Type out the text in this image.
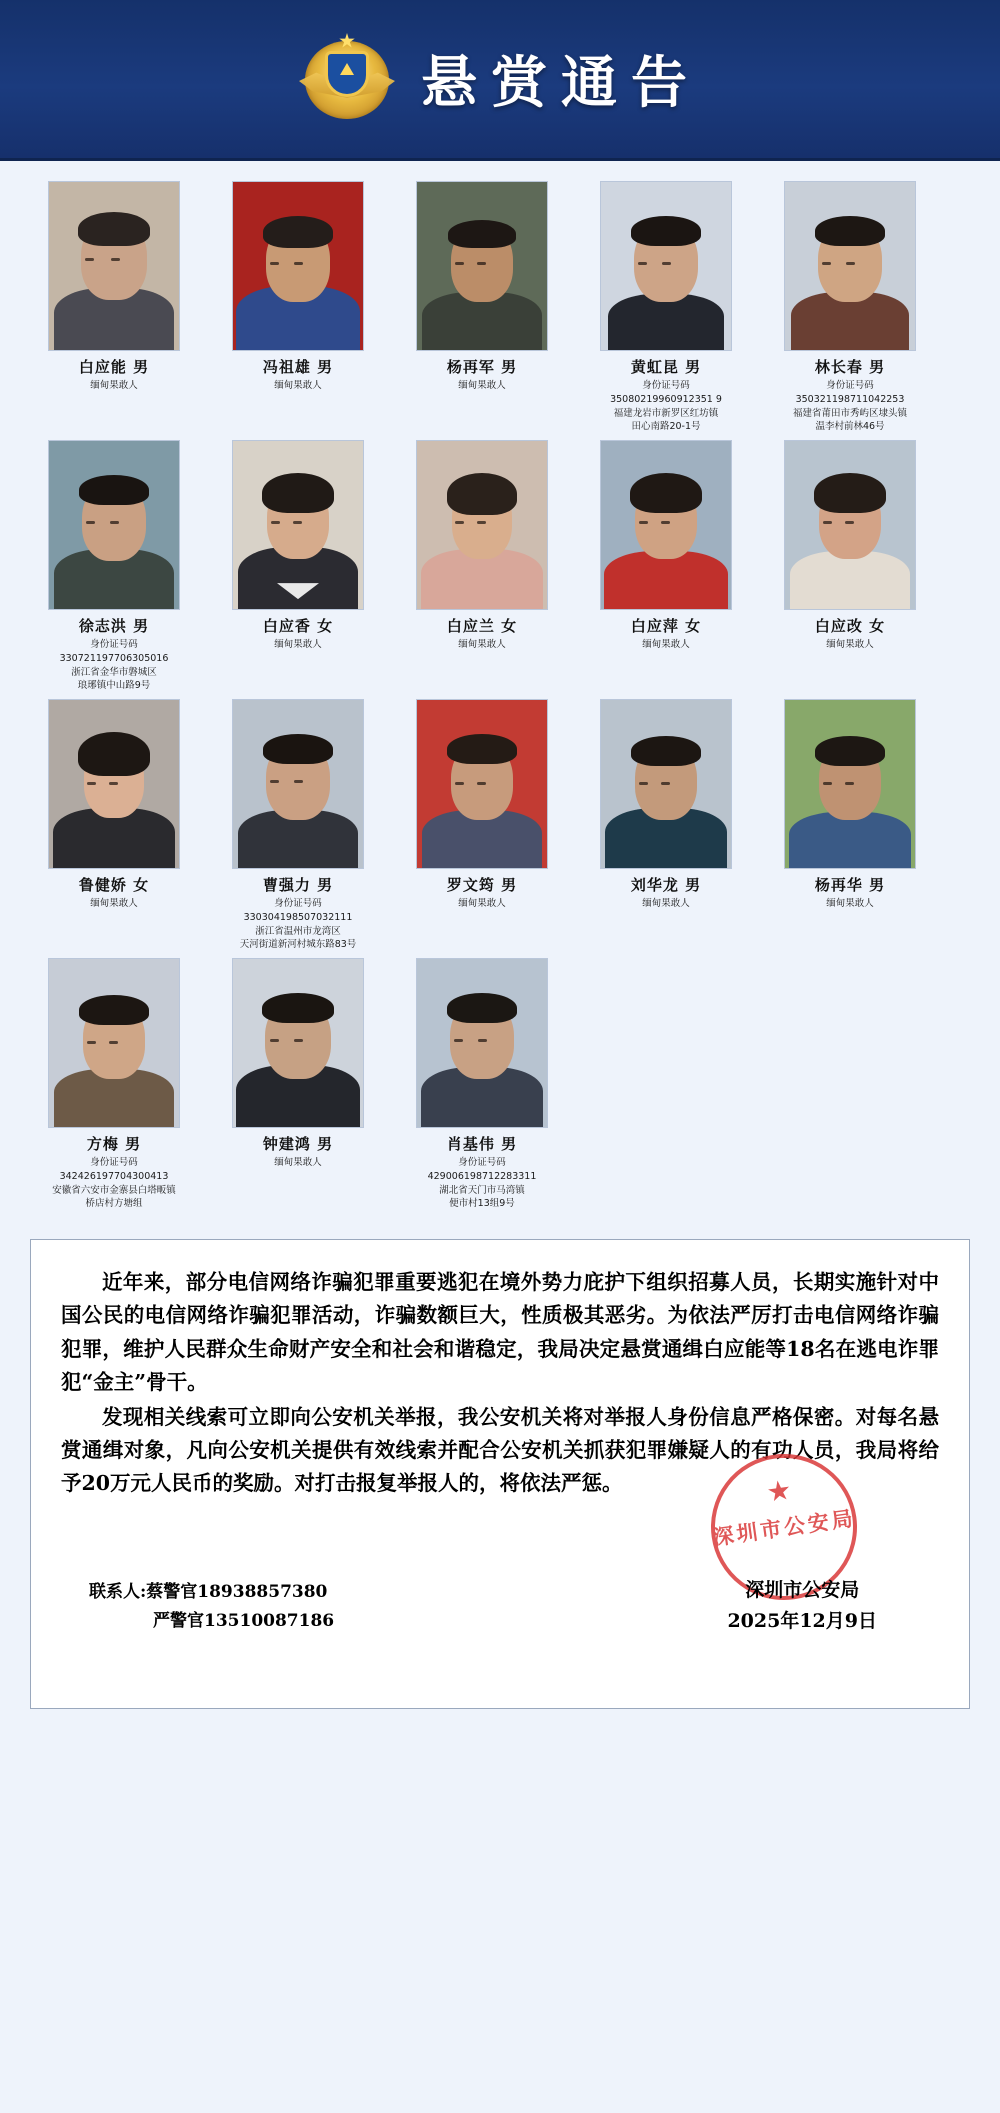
悬赏通告
白应能 男
缅甸果敢人
冯祖雄 男
缅甸果敢人
杨再军 男
缅甸果敢人
黄虹昆 男
身份证号码
35080219960912351 9
福建龙岩市新罗区红坊镇
田心南路20-1号
林长春 男
身份证号码
350321198711042253
福建省莆田市秀屿区埭头镇
温李村前林46号
徐志洪 男
身份证号码
330721197706305016
浙江省金华市磐城区
琅琊镇中山路9号
白应香 女
缅甸果敢人
白应兰 女
缅甸果敢人
白应萍 女
缅甸果敢人
白应改 女
缅甸果敢人
鲁健娇 女
缅甸果敢人
曹强力 男
身份证号码
330304198507032111
浙江省温州市龙湾区
天河街道新河村城东路83号
罗文筠 男
缅甸果敢人
刘华龙 男
缅甸果敢人
杨再华 男
缅甸果敢人
方梅 男
身份证号码
342426197704300413
安徽省六安市金寨县白塔畈镇
桥店村方塘组
钟建鸿 男
缅甸果敢人
肖基伟 男
身份证号码
429006198712283311
湖北省天门市马湾镇
便市村13组9号

近年来，部分电信网络诈骗犯罪重要逃犯在境外势力庇护下组织招募人员，长期实施针对中国公民的电信网络诈骗犯罪活动，诈骗数额巨大，性质极其恶劣。为依法严厉打击电信网络诈骗犯罪，维护人民群众生命财产安全和社会和谐稳定，我局决定悬赏通缉白应能等18名在逃电诈罪犯“金主”骨干。

发现相关线索可立即向公安机关举报，我公安机关将对举报人身份信息严格保密。对每名悬赏通缉对象，凡向公安机关提供有效线索并配合公安机关抓获犯罪嫌疑人的有功人员，我局将给予20万元人民币的奖励。对打击报复举报人的，将依法严惩。

联系人:蔡警官18938857380
严警官13510087186
深圳市公安局
深圳市公安局
2025年12月9日
